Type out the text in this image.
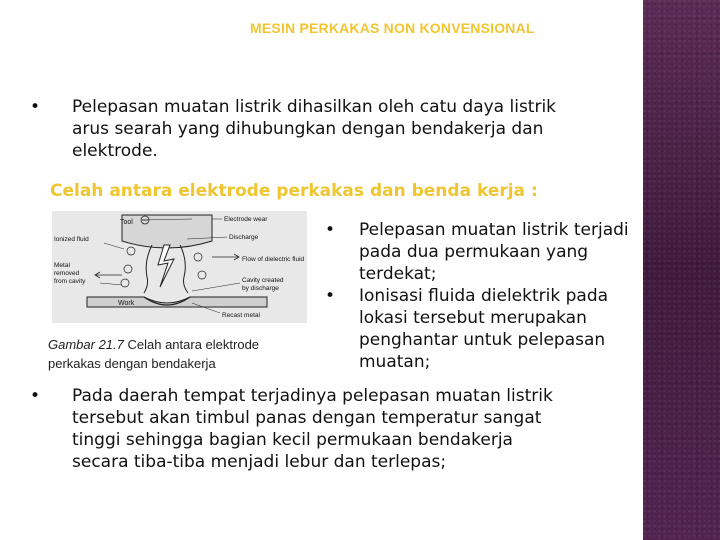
MESIN PERKAKAS NON KONVENSIONAL
•	Pelepasan muatan listrik dihasilkan oleh catu daya listrik
arus searah yang dihubungkan dengan bendakerja dan
elektrode.
Celah antara elektrode perkakas dan benda kerja :
Tool	Electrode wear
Ionized fluid	Discharge
Metal
removed
from cavity
Flow of dielectric fluid
Cavity created
by discharge
Work
Recast metal
Gambar 21.7 Celah antara elektrode
perkakas dengan bendakerja
•	Pelepasan muatan listrik terjadi
pada dua permukaan yang
terdekat;
•	Ionisasi fluida dielektrik pada
lokasi tersebut merupakan
penghantar untuk pelepasan
muatan;
•	Pada daerah tempat terjadinya pelepasan muatan listrik
tersebut akan timbul panas dengan temperatur sangat
tinggi sehingga bagian kecil permukaan bendakerja
secara tiba-tiba menjadi lebur dan terlepas;
